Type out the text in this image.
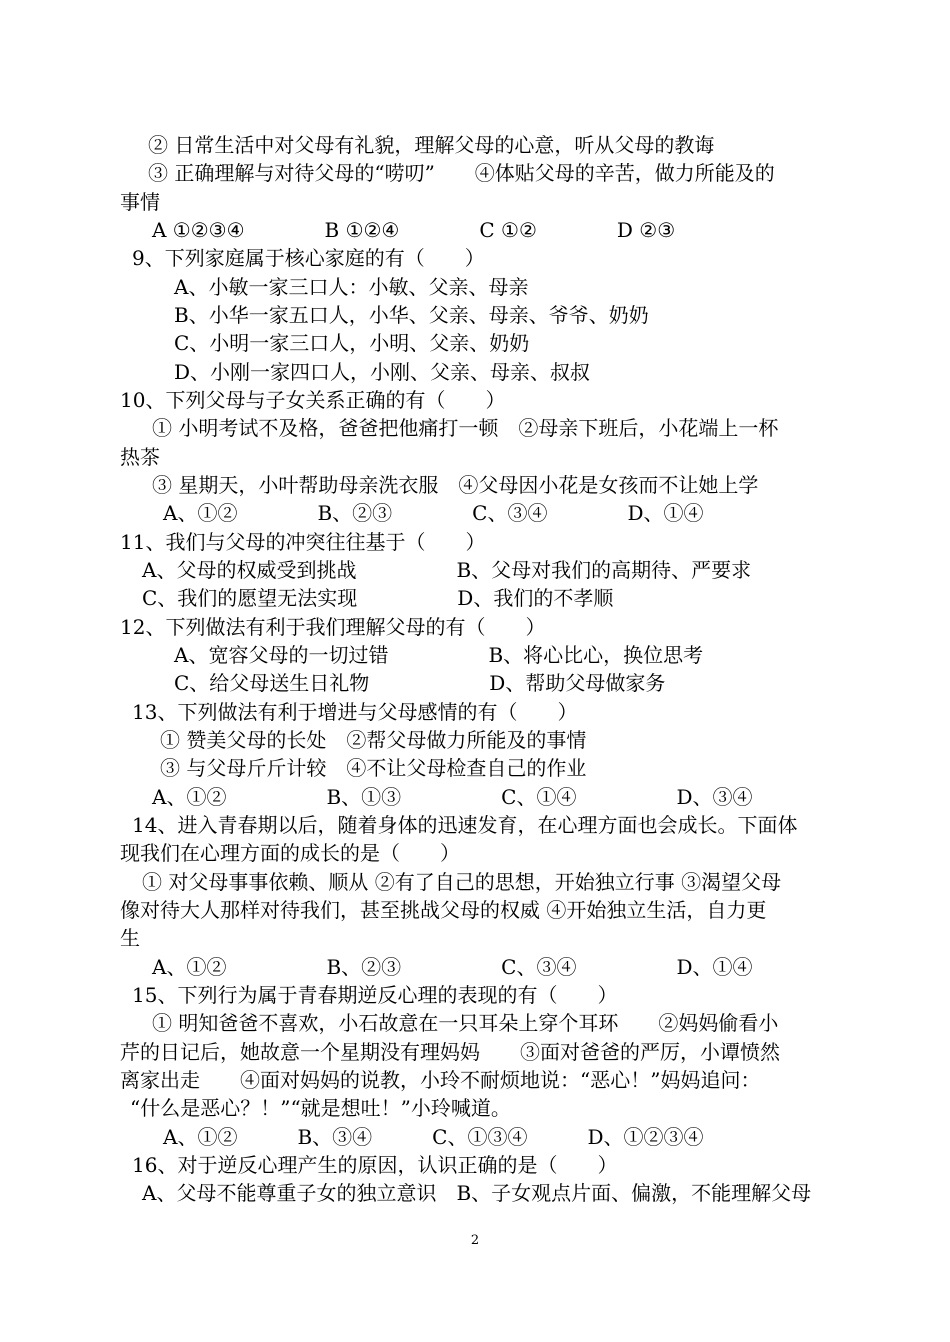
② 日常生活中对父母有礼貌，理解父母的心意，听从父母的教诲
③ 正确理解与对待父母的“唠叨”　　④体贴父母的辛苦，做力所能及的
事情
A ①②③④　　　　B ①②④　　　　C ①②　　　　D ②③
9、下列家庭属于核心家庭的有（　　）
A、小敏一家三口人：小敏、父亲、母亲
B、小华一家五口人，小华、父亲、母亲、爷爷、奶奶
C、小明一家三口人，小明、父亲、奶奶
D、小刚一家四口人，小刚、父亲、母亲、叔叔
10、下列父母与子女关系正确的有（　　）
① 小明考试不及格，爸爸把他痛打一顿　②母亲下班后，小花端上一杯
热茶
③ 星期天，小叶帮助母亲洗衣服　④父母因小花是女孩而不让她上学
A、①②　　　　B、②③　　　　C、③④　　　　D、①④
11、我们与父母的冲突往往基于（　　）
A、父母的权威受到挑战　　　　　B、父母对我们的高期待、严要求
C、我们的愿望无法实现　　　　　D、我们的不孝顺
12、下列做法有利于我们理解父母的有（　　）
A、宽容父母的一切过错　　　　　B、将心比心，换位思考
C、给父母送生日礼物　　　　　　D、帮助父母做家务
13、下列做法有利于增进与父母感情的有（　　）
① 赞美父母的长处　②帮父母做力所能及的事情
③ 与父母斤斤计较　④不让父母检查自己的作业
A、①②　　　　　B、①③　　　　　C、①④　　　　　D、③④
14、进入青春期以后，随着身体的迅速发育，在心理方面也会成长。下面体
现我们在心理方面的成长的是（　　）
① 对父母事事依赖、顺从 ②有了自己的思想，开始独立行事 ③渴望父母
像对待大人那样对待我们，甚至挑战父母的权威 ④开始独立生活，自力更
生
A、①②　　　　　B、②③　　　　　C、③④　　　　　D、①④
15、下列行为属于青春期逆反心理的表现的有（　　）
① 明知爸爸不喜欢，小石故意在一只耳朵上穿个耳环　　②妈妈偷看小
芹的日记后，她故意一个星期没有理妈妈　　③面对爸爸的严厉，小谭愤然
离家出走　　④面对妈妈的说教，小玲不耐烦地说：“恶心！”妈妈追问：
“什么是恶心？！”“就是想吐！”小玲喊道。
A、①②　　　B、③④　　　C、①③④　　　D、①②③④
16、对于逆反心理产生的原因，认识正确的是（　　）
A、父母不能尊重子女的独立意识　B、子女观点片面、偏激，不能理解父母
2
